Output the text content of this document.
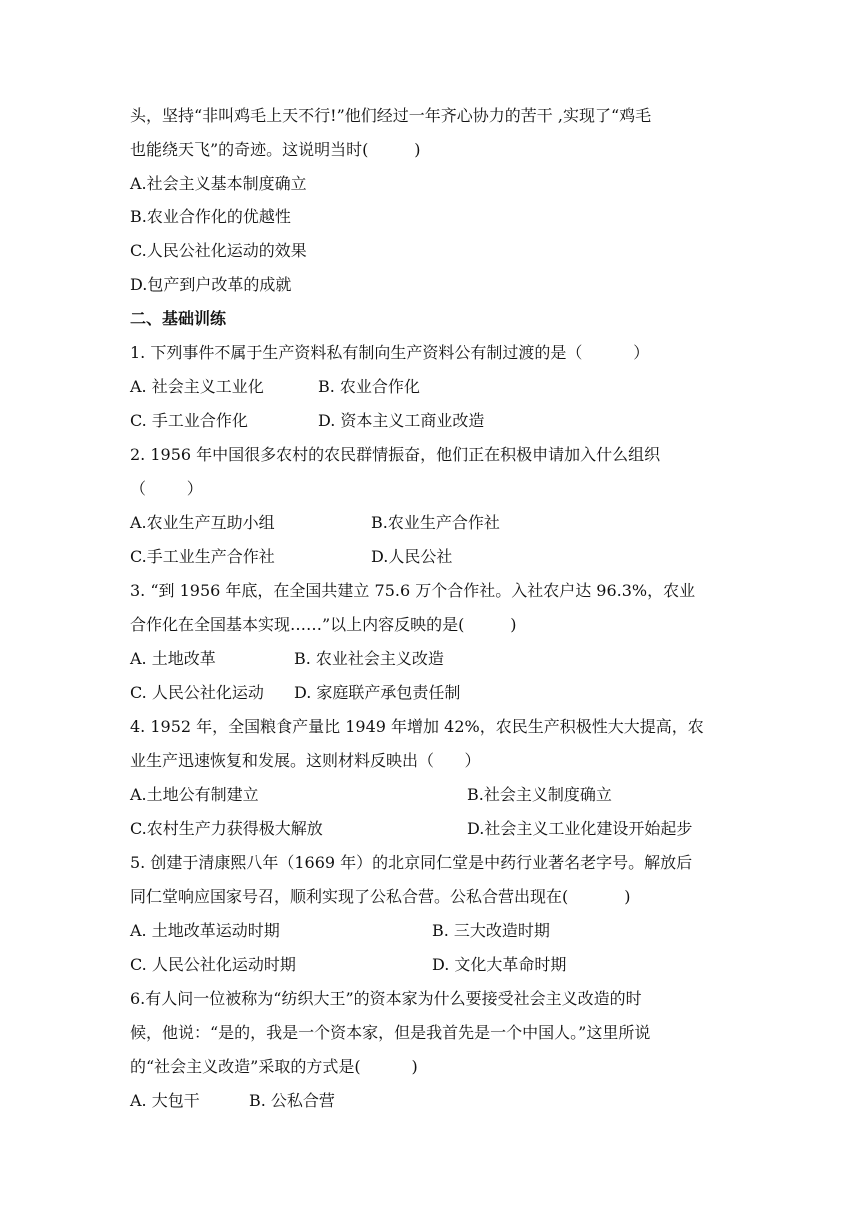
头，坚持“非叫鸡毛上天不行!”他们经过一年齐心协力的苦干 ,实现了“鸡毛
也能绕天飞”的奇迹。这说明当时(         )
A.社会主义基本制度确立
B.农业合作化的优越性
C.人民公社化运动的效果
D.包产到户改革的成就
二、基础训练
1. 下列事件不属于生产资料私有制向生产资料公有制过渡的是（          ）
A. 社会主义工业化	B. 农业合作化
C. 手工业合作化	D. 资本主义工商业改造
2. 1956 年中国很多农村的农民群情振奋，他们正在积极申请加入什么组织
（        ）
A.农业生产互助小组	B.农业生产合作社
C.手工业生产合作社	D.人民公社
3. “到 1956 年底，在全国共建立 75.6 万个合作社。入社农户达 96.3%，农业
合作化在全国基本实现……”以上内容反映的是(         )
A. 土地改革	B. 农业社会主义改造
C. 人民公社化运动 D. 家庭联产承包责任制
4. 1952 年，全国粮食产量比 1949 年增加 42%，农民生产积极性大大提高，农
业生产迅速恢复和发展。这则材料反映出（      ）
A.土地公有制建立	B.社会主义制度确立
C.农村生产力获得极大解放	D.社会主义工业化建设开始起步
5. 创建于清康熙八年（1669 年）的北京同仁堂是中药行业著名老字号。解放后
同仁堂响应国家号召，顺利实现了公私合营。公私合营出现在(           )
A. 土地改革运动时期	B. 三大改造时期
C. 人民公社化运动时期	D. 文化大革命时期
6.有人问一位被称为“纺织大王”的资本家为什么要接受社会主义改造的时
候，他说：“是的，我是一个资本家，但是我首先是一个中国人。”这里所说
的“社会主义改造”采取的方式是(          )
A. 大包干	B. 公私合营
